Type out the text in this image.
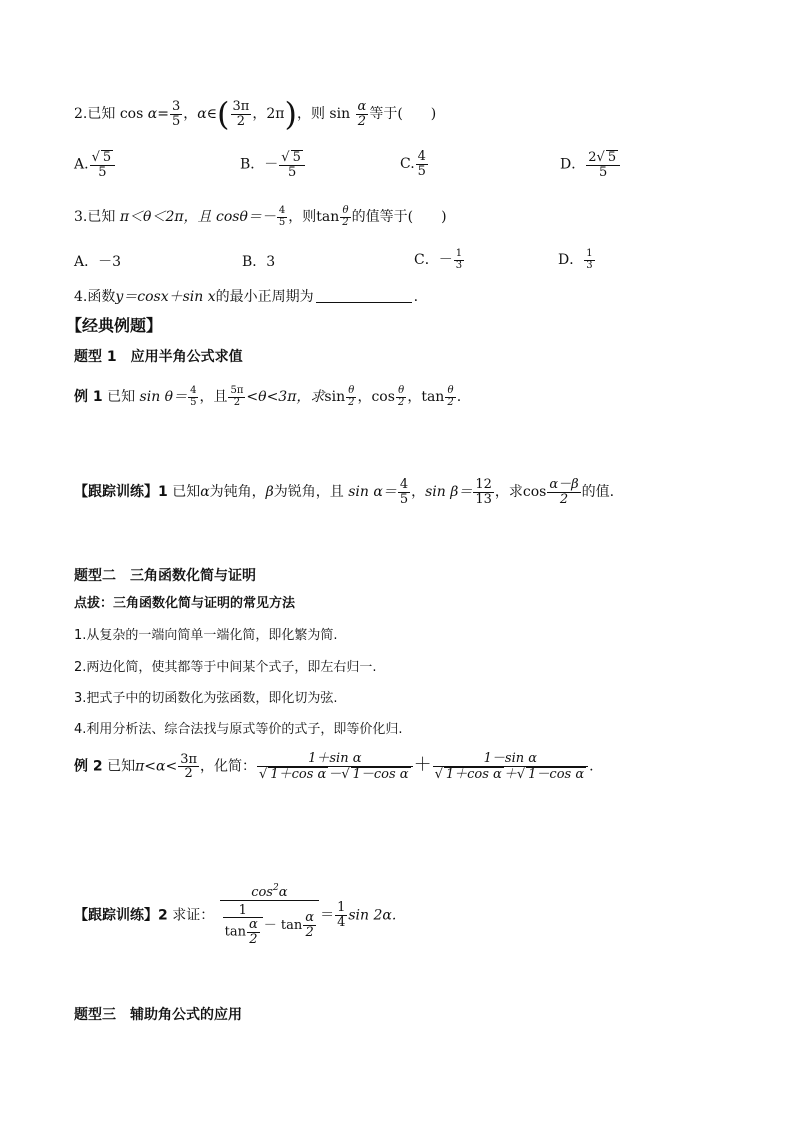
2.已知 $\cos \alpha= \frac{3}{5}$ ，α∈( $\frac{3\pi}{2}$ ，2π)，则 $\sin \frac{\alpha}{2}$ 等于(　　)
A. $\frac{√ 5}{5}$	B．－ $\frac{√ 5}{5}$	C. $\frac{4}{5}$	D． $\frac{2√ 5}{5}$
3.已知 π＜θ＜2π，且 $\cos\theta=- \frac{4}{5}$ ，则$\tan \frac{\theta}{2}$ 的值等于(　　)
A．－3	B．3	C．－ $\frac{1}{3}$	D． $\frac{1}{3}$
4.函数y＝cosx＋sin x的最小正周期为	.
【经典例题】
题型 1　应用半角公式求值
例 1 已知 $\sin \theta= \frac{4}{5}$ ，且 $\frac{5\pi}{2} <\theta<3\pi$，求$\sin \frac{\theta}{2}$ ，$\cos \frac{\theta}{2}$ ，$\tan \frac{\theta}{2}$ .
【跟踪训练】1 已知α为钝角，β为锐角，且 $\sin \alpha= \frac{4}{5}$ ，$\sin \beta= \frac{12}{13}$ ，求$\cos \frac{\alpha-\beta}{2}$ 的值.
题型二　三角函数化简与证明
点拔：三角函数化简与证明的常见方法
1.从复杂的一端向简单一端化简，即化繁为简.
2.两边化简，使其都等于中间某个式子，即左右归一.
3.把式子中的切函数化为弦函数，即化切为弦.
4.利用分析法、综合法找与原式等价的式子，即等价化归.
例 2 已知$\pi<\alpha< \frac{3\pi}{2}$ ，化简： $\frac{\text{1＋sin α}}{\text{√ 1＋cos α －√ 1－cos α}} + \frac{\text{1－sin α}}{\text{√ 1＋cos α ＋√ 1－cos α}}$ .
【跟踪训练】2 求证： $\frac{\cos^2\alpha}{\frac{1}{\tan \frac{\alpha}{2}} - \tan \frac{\alpha}{2}} = \frac{1}{4}$ sin 2α.
题型三　辅助角公式的应用
